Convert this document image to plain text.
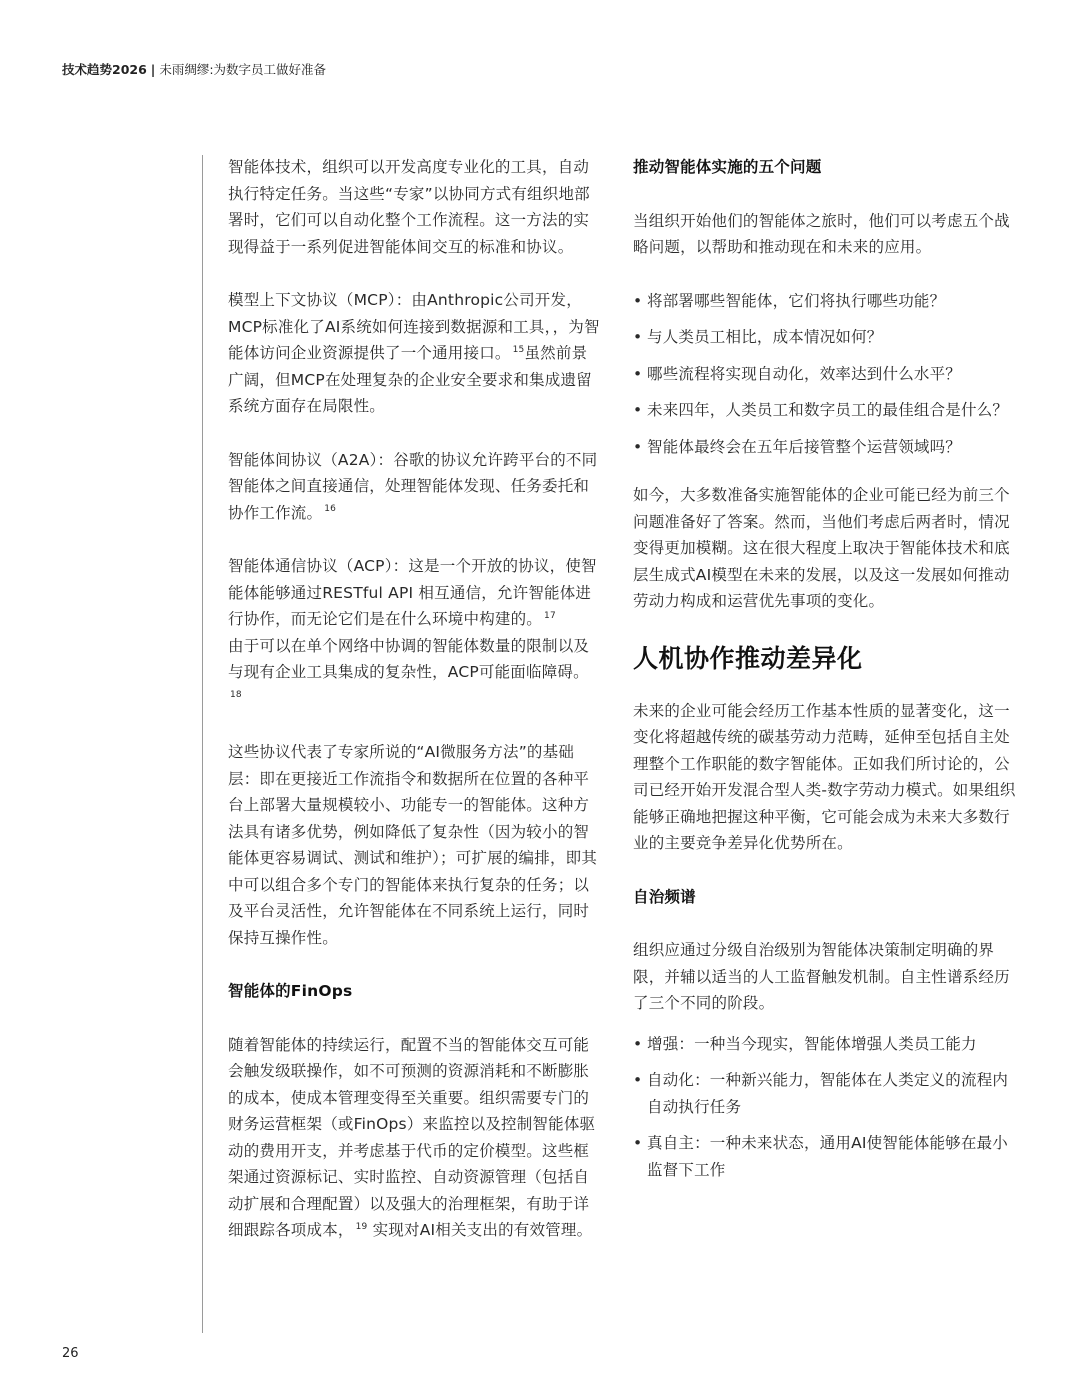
技术趋势2026 | 未雨绸缪:为数字员工做好准备

智能体技术，组织可以开发高度专业化的工具，自动执行特定任务。当这些“专家”以协同方式有组织地部署时，它们可以自动化整个工作流程。这一方法的实现得益于一系列促进智能体间交互的标准和协议。

模型上下文协议（MCP）：由Anthropic公司开发，MCP标准化了AI系统如何连接到数据源和工具，，为智能体访问企业资源提供了一个通用接口。 $^{15}$虽然前景广阔，但MCP在处理复杂的企业安全要求和集成遗留系统方面存在局限性。

智能体间协议（A2A）：谷歌的协议允许跨平台的不同智能体之间直接通信，处理智能体发现、任务委托和协作工作流。 $^{16}$

智能体通信协议（ACP）：这是一个开放的协议，使智能体能够通过RESTful API 相互通信，允许智能体进行协作，而无论它们是在什么环境中构建的。 $^{17}$
由于可以在单个网络中协调的智能体数量的限制以及与现有企业工具集成的复杂性，ACP可能面临障碍。$^{18}$

这些协议代表了专家所说的“AI微服务方法”的基础层：即在更接近工作流指令和数据所在位置的各种平台上部署大量规模较小、功能专一的智能体。这种方法具有诸多优势，例如降低了复杂性（因为较小的智能体更容易调试、测试和维护）；可扩展的编排，即其中可以组合多个专门的智能体来执行复杂的任务；以及平台灵活性，允许智能体在不同系统上运行，同时保持互操作性。

智能体的FinOps

随着智能体的持续运行，配置不当的智能体交互可能会触发级联操作，如不可预测的资源消耗和不断膨胀的成本，使成本管理变得至关重要。组织需要专门的财务运营框架（或FinOps）来监控以及控制智能体驱动的费用开支，并考虑基于代币的定价模型。这些框架通过资源标记、实时监控、自动资源管理（包括自动扩展和合理配置）以及强大的治理框架，有助于详细跟踪各项成本， $^{19}$ 实现对AI相关支出的有效管理。

推动智能体实施的五个问题

当组织开始他们的智能体之旅时，他们可以考虑五个战略问题，以帮助和推动现在和未来的应用。

• 将部署哪些智能体，它们将执行哪些功能？
• 与人类员工相比，成本情况如何？
• 哪些流程将实现自动化，效率达到什么水平？
• 未来四年，人类员工和数字员工的最佳组合是什么？
• 智能体最终会在五年后接管整个运营领域吗？

如今，大多数准备实施智能体的企业可能已经为前三个问题准备好了答案。然而，当他们考虑后两者时，情况变得更加模糊。这在很大程度上取决于智能体技术和底层生成式AI模型在未来的发展，以及这一发展如何推动劳动力构成和运营优先事项的变化。

人机协作推动差异化

未来的企业可能会经历工作基本性质的显著变化，这一变化将超越传统的碳基劳动力范畴，延伸至包括自主处理整个工作职能的数字智能体。正如我们所讨论的，公司已经开始开发混合型人类-数字劳动力模式。如果组织能够正确地把握这种平衡，它可能会成为未来大多数行业的主要竞争差异化优势所在。

自治频谱

组织应通过分级自治级别为智能体决策制定明确的界限，并辅以适当的人工监督触发机制。自主性谱系经历了三个不同的阶段。

• 增强：一种当今现实，智能体增强人类员工能力
• 自动化：一种新兴能力，智能体在人类定义的流程内自动执行任务
• 真自主：一种未来状态，通用AI使智能体能够在最小监督下工作
26
